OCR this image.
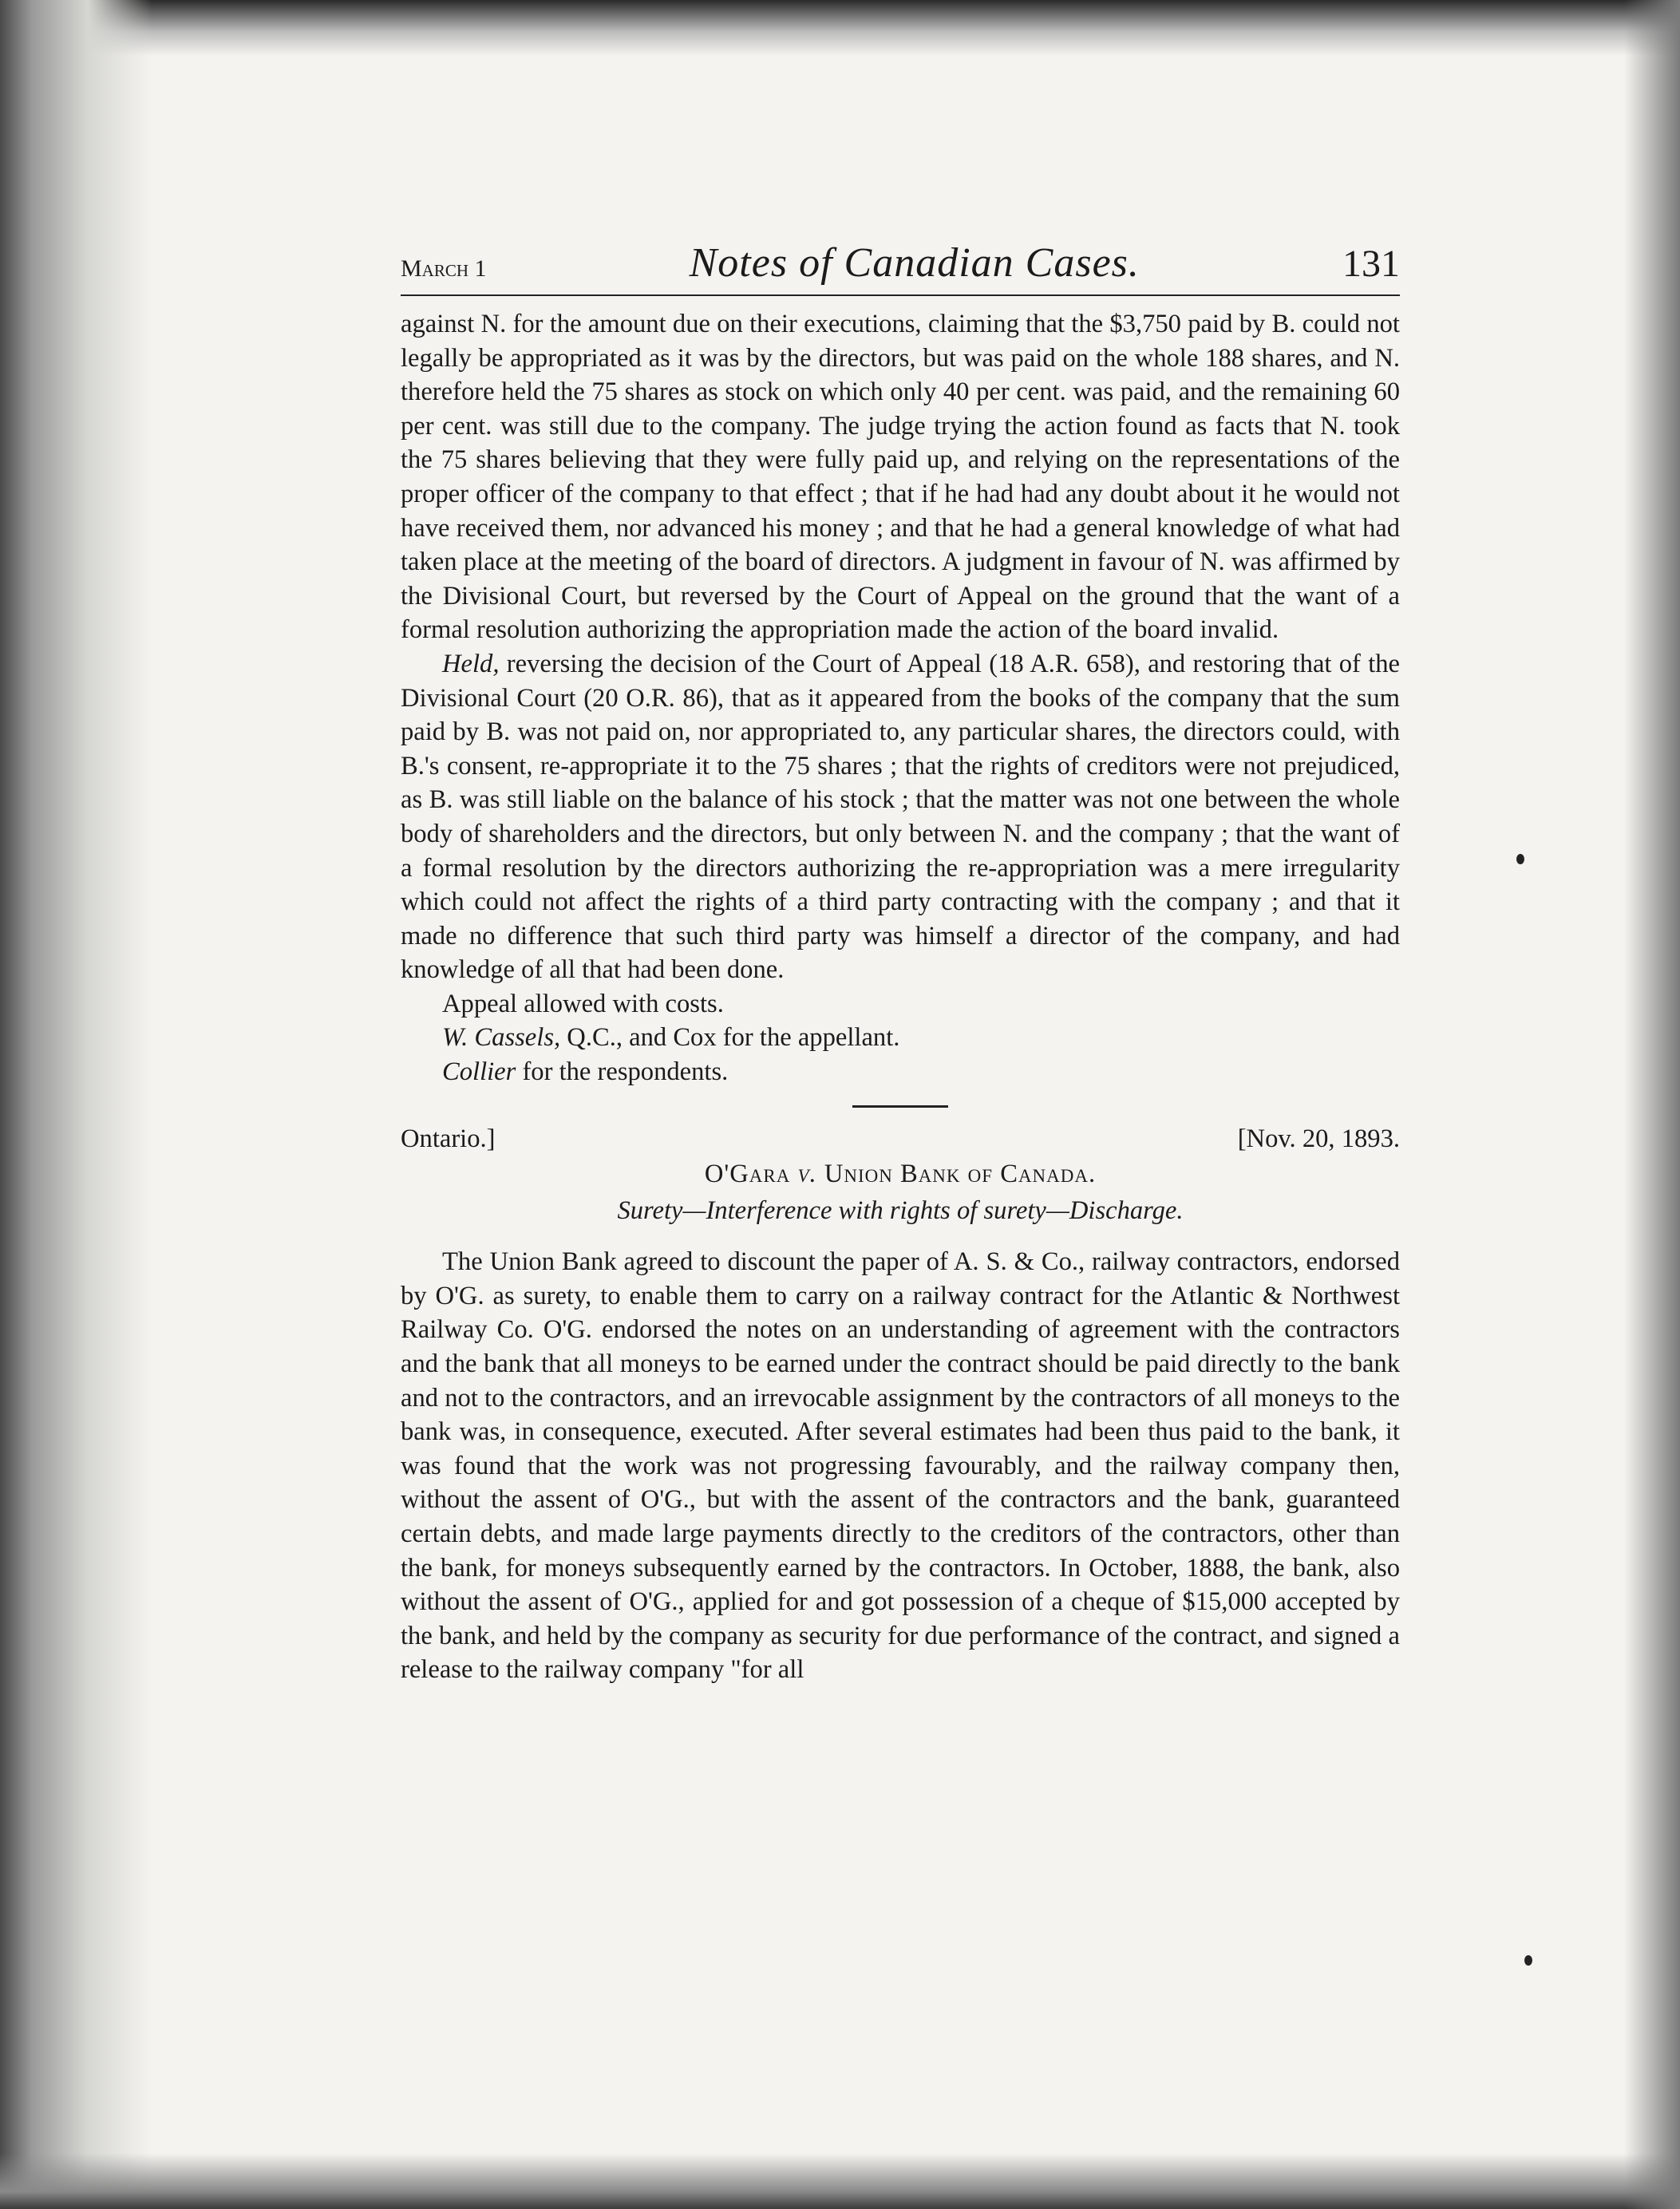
March 1	Notes of Canadian Cases.	131

against N. for the amount due on their executions, claiming that the $3,750 paid by B. could not legally be appropriated as it was by the directors, but was paid on the whole 188 shares, and N. therefore held the 75 shares as stock on which only 40 per cent. was paid, and the remaining 60 per cent. was still due to the company. The judge trying the action found as facts that N. took the 75 shares believing that they were fully paid up, and relying on the representations of the proper officer of the company to that effect ; that if he had had any doubt about it he would not have received them, nor advanced his money ; and that he had a general knowledge of what had taken place at the meeting of the board of directors. A judgment in favour of N. was affirmed by the Divisional Court, but reversed by the Court of Appeal on the ground that the want of a formal resolution authorizing the appropriation made the action of the board invalid.

Held, reversing the decision of the Court of Appeal (18 A.R. 658), and restoring that of the Divisional Court (20 O.R. 86), that as it appeared from the books of the company that the sum paid by B. was not paid on, nor appropriated to, any particular shares, the directors could, with B.'s consent, re-appropriate it to the 75 shares ; that the rights of creditors were not prejudiced, as B. was still liable on the balance of his stock ; that the matter was not one between the whole body of shareholders and the directors, but only between N. and the company ; that the want of a formal resolution by the directors authorizing the re-appropriation was a mere irregularity which could not affect the rights of a third party contracting with the company ; and that it made no difference that such third party was himself a director of the company, and had knowledge of all that had been done.

Appeal allowed with costs.

W. Cassels, Q.C., and Cox for the appellant.

Collier for the respondents.

Ontario.]	[Nov. 20, 1893.
O'Gara v. Union Bank of Canada.
Surety—Interference with rights of surety—Discharge.

The Union Bank agreed to discount the paper of A. S. & Co., railway contractors, endorsed by O'G. as surety, to enable them to carry on a railway contract for the Atlantic & Northwest Railway Co. O'G. endorsed the notes on an understanding of agreement with the contractors and the bank that all moneys to be earned under the contract should be paid directly to the bank and not to the contractors, and an irrevocable assignment by the contractors of all moneys to the bank was, in consequence, executed. After several estimates had been thus paid to the bank, it was found that the work was not progressing favourably, and the railway company then, without the assent of O'G., but with the assent of the contractors and the bank, guaranteed certain debts, and made large payments directly to the creditors of the contractors, other than the bank, for moneys subsequently earned by the contractors. In October, 1888, the bank, also without the assent of O'G., applied for and got possession of a cheque of $15,000 accepted by the bank, and held by the company as security for due performance of the contract, and signed a release to the railway company "for all
